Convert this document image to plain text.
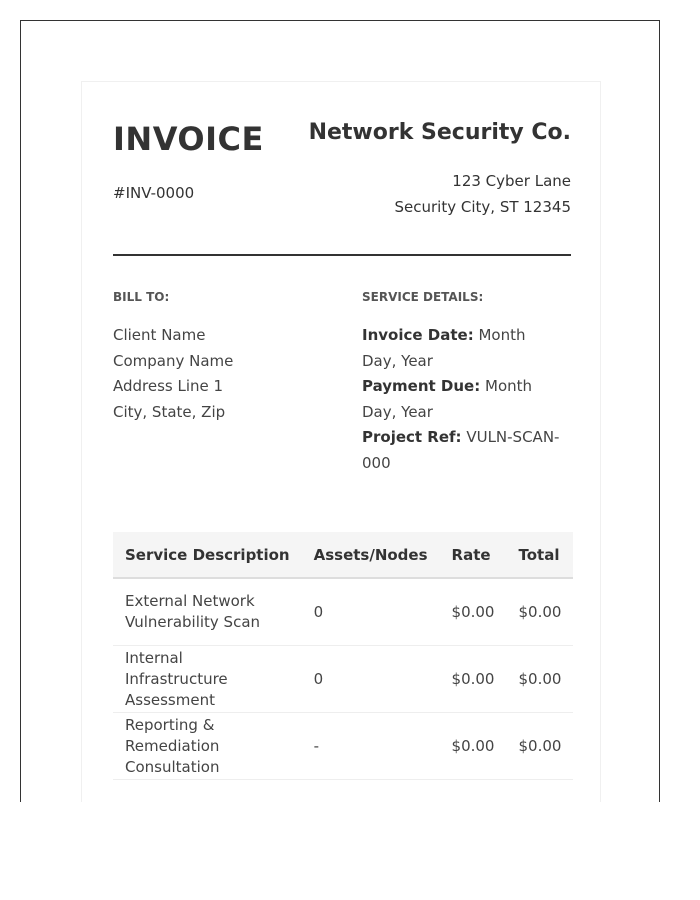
INVOICE
#INV-0000
Network Security Co.
123 Cyber Lane
Security City, ST 12345
BILL TO:	SERVICE DETAILS:
Client Name
Company Name
Address Line 1
City, State, Zip
Invoice Date: Month Day, Year
Payment Due: Month Day, Year
Project Ref: VULN-SCAN-000
Service Description	Assets/Nodes	Rate	Total
External Network Vulnerability Scan	0	$0.00	$0.00
Internal Infrastructure Assessment	0	$0.00	$0.00
Reporting & Remediation Consultation	-	$0.00	$0.00
